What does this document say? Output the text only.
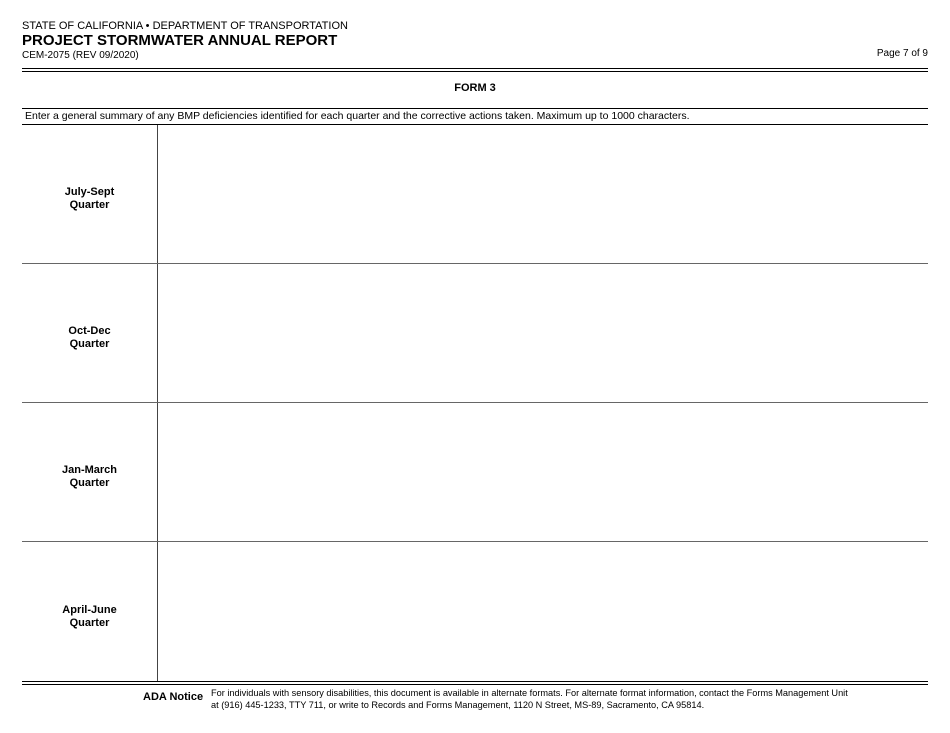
STATE OF CALIFORNIA • DEPARTMENT OF TRANSPORTATION
PROJECT STORMWATER ANNUAL REPORT
CEM-2075 (REV 09/2020)	Page 7 of 9
FORM 3
Enter a general summary of any BMP deficiencies identified for each quarter and the corrective actions taken. Maximum up to 1000 characters.
July-Sept Quarter
Oct-Dec Quarter
Jan-March Quarter
April-June Quarter
ADA Notice For individuals with sensory disabilities, this document is available in alternate formats. For alternate format information, contact the Forms Management Unit at (916) 445-1233, TTY 711, or write to Records and Forms Management, 1120 N Street, MS-89, Sacramento, CA 95814.
